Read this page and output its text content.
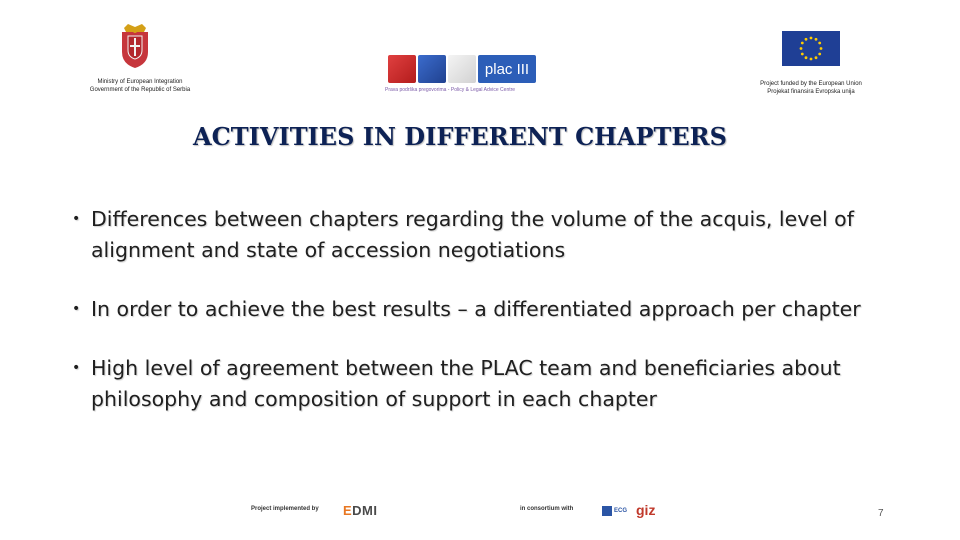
Ministry of European Integration
Government of the Republic of Serbia
plac III
Prava podrška pregovorima - Policy & Legal Advice Centre
Project funded by the European Union
Projekat finansira Evropska unija
ACTIVITIES IN DIFFERENT CHAPTERS
• Differences between chapters regarding the volume of the acquis, level of alignment and state of accession negotiations
• In order to achieve the best results – a differentiated approach per chapter
• High level of agreement between the PLAC team and beneficiaries about philosophy and composition of support in each chapter
Project implemented by EDMI	in consortium with	ECG giz	7
